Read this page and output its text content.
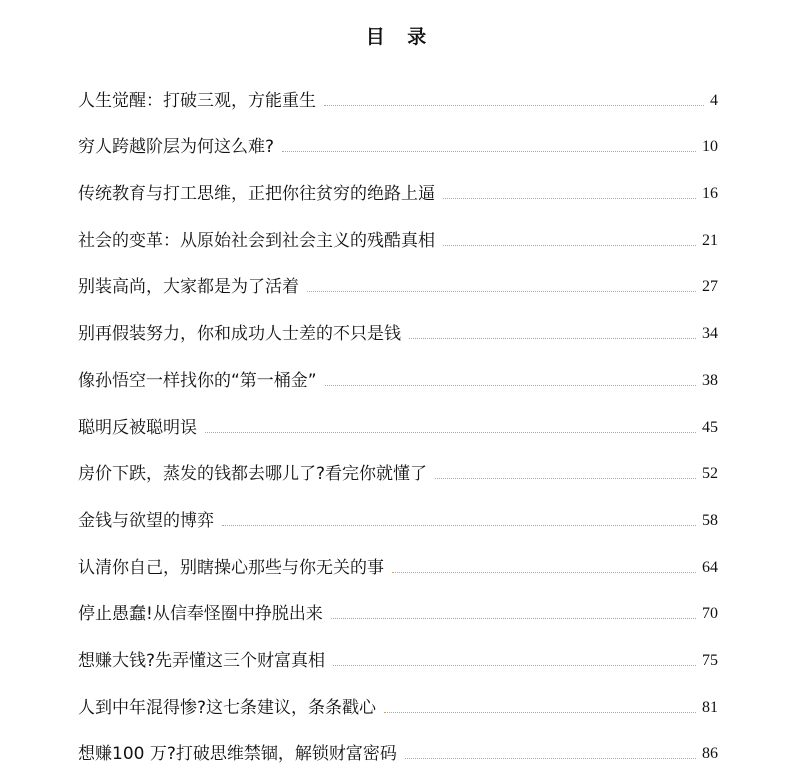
目 录
人生觉醒：打破三观，方能重生	4
穷人跨越阶层为何这么难?	10
传统教育与打工思维，正把你往贫穷的绝路上逼	16
社会的变革：从原始社会到社会主义的残酷真相	21
别装高尚，大家都是为了活着	27
别再假装努力，你和成功人士差的不只是钱	34
像孙悟空一样找你的“第一桶金”	38
聪明反被聪明误	45
房价下跌，蒸发的钱都去哪儿了?看完你就懂了	52
金钱与欲望的博弈	58
认清你自己，别瞎操心那些与你无关的事	64
停止愚蠢!从信奉怪圈中挣脱出来	70
想赚大钱?先弄懂这三个财富真相	75
人到中年混得惨?这七条建议，条条戳心	81
想赚100 万?打破思维禁锢，解锁财富密码	86
